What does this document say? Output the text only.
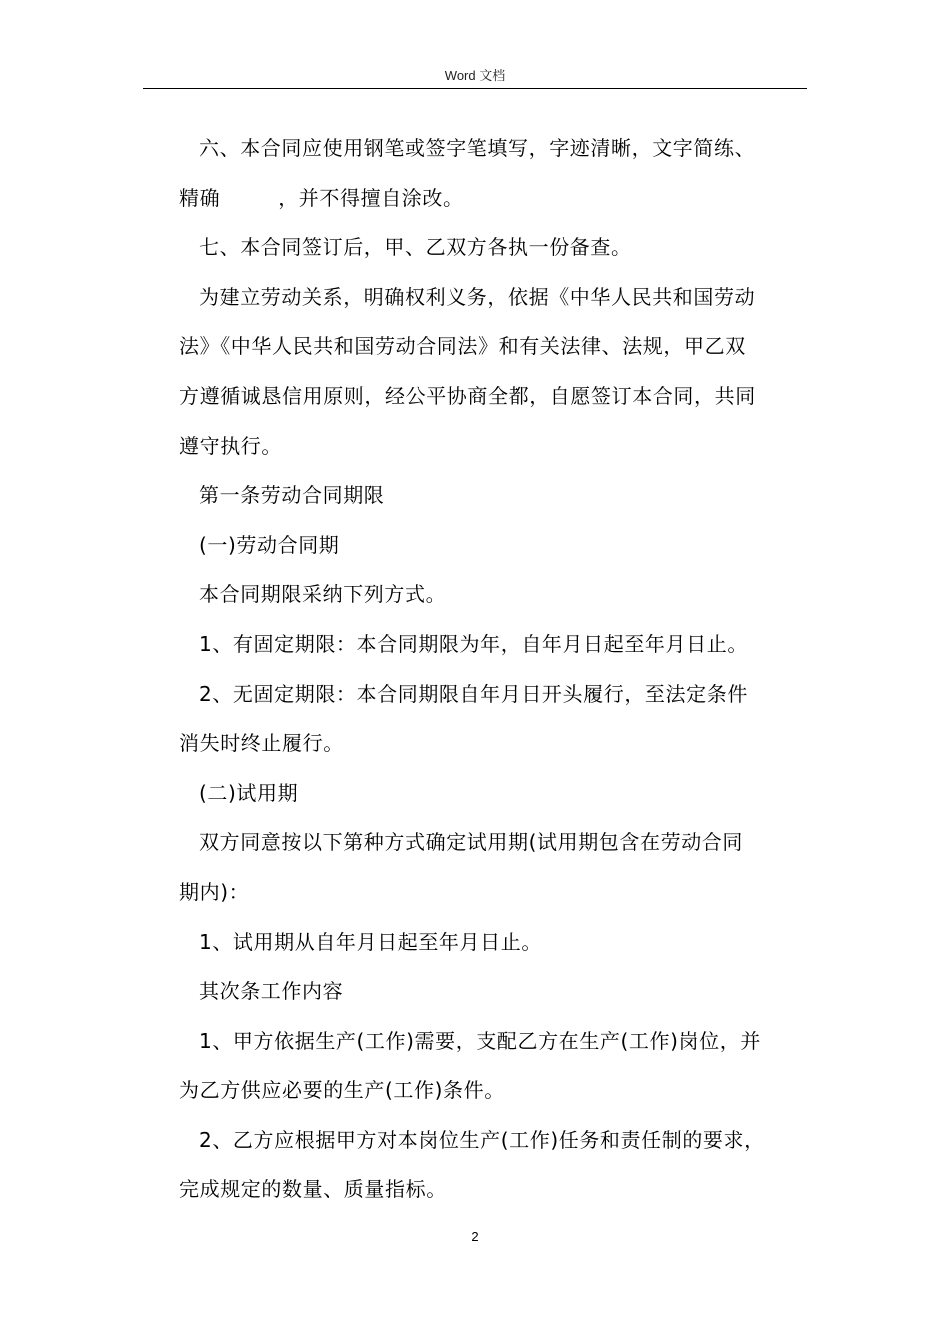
Word 文档
六、本合同应使用钢笔或签字笔填写，字迹清晰，文字简练、
精确	，并不得擅自涂改。
七、本合同签订后，甲、乙双方各执一份备查。
为建立劳动关系，明确权利义务，依据《中华人民共和国劳动
法》《中华人民共和国劳动合同法》和有关法律、法规，甲乙双
方遵循诚恳信用原则，经公平协商全都，自愿签订本合同，共同
遵守执行。
第一条劳动合同期限
(一)劳动合同期
本合同期限采纳下列方式。
1、有固定期限：本合同期限为年，自年月日起至年月日止。
2、无固定期限：本合同期限自年月日开头履行，至法定条件
消失时终止履行。
(二)试用期
双方同意按以下第种方式确定试用期(试用期包含在劳动合同
期内)：
1、试用期从自年月日起至年月日止。
其次条工作内容
1、甲方依据生产(工作)需要，支配乙方在生产(工作)岗位，并
为乙方供应必要的生产(工作)条件。
2、乙方应根据甲方对本岗位生产(工作)任务和责任制的要求，
完成规定的数量、质量指标。
2
